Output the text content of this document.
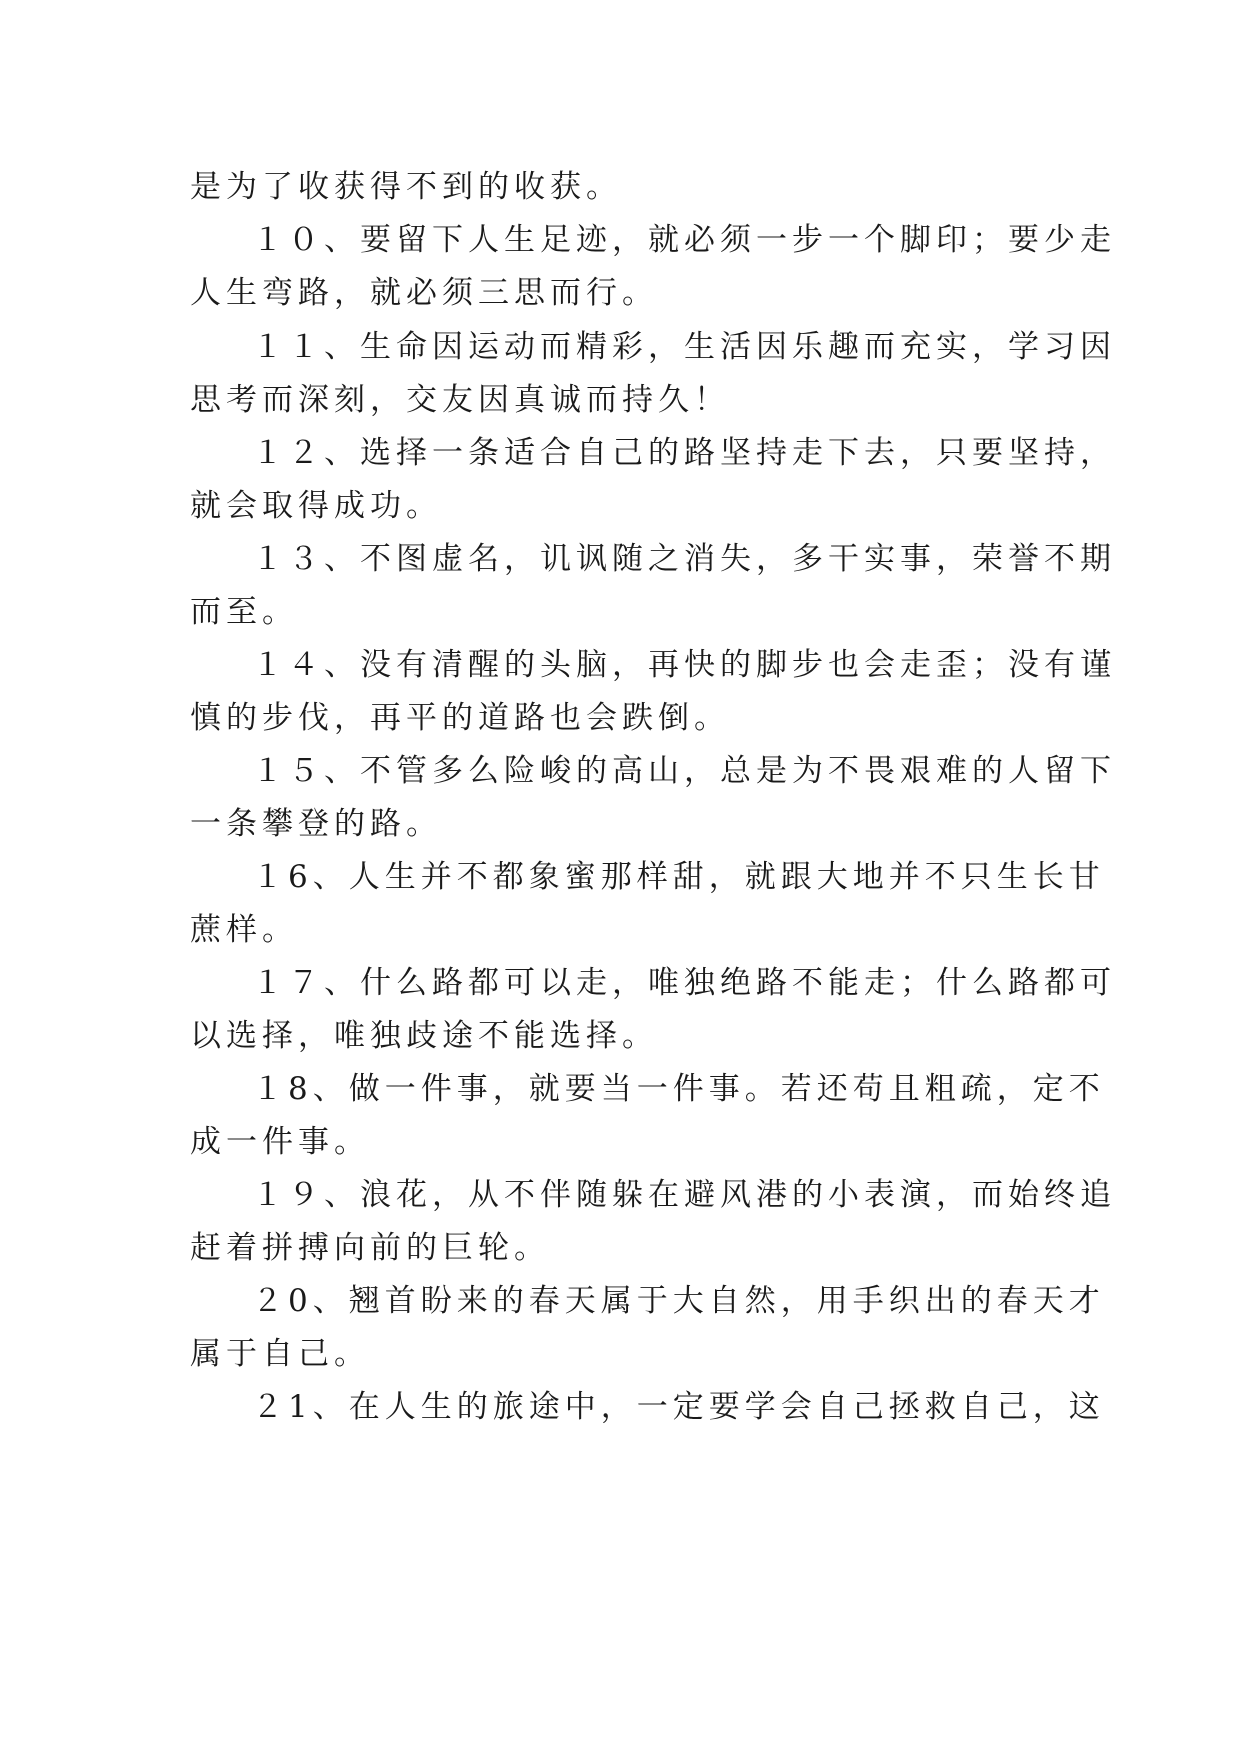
是为了收获得不到的收获。
１０、要留下人生足迹，就必须一步一个脚印；要少走
人生弯路，就必须三思而行。
１１、生命因运动而精彩，生活因乐趣而充实，学习因
思考而深刻，交友因真诚而持久！
１２、选择一条适合自己的路坚持走下去，只要坚持，
就会取得成功。
１３、不图虚名，讥讽随之消失，多干实事，荣誉不期
而至。
１４、没有清醒的头脑，再快的脚步也会走歪；没有谨
慎的步伐，再平的道路也会跌倒。
１５、不管多么险峻的高山，总是为不畏艰难的人留下
一条攀登的路。
１6、人生并不都象蜜那样甜，就跟大地并不只生长甘
蔗样。
１７、什么路都可以走，唯独绝路不能走；什么路都可
以选择，唯独歧途不能选择。
１8、做一件事，就要当一件事。若还苟且粗疏，定不
成一件事。
１９、浪花，从不伴随躲在避风港的小表演，而始终追
赶着拼搏向前的巨轮。
２0、翘首盼来的春天属于大自然，用手织出的春天才
属于自己。
２1、在人生的旅途中，一定要学会自己拯救自己，这
